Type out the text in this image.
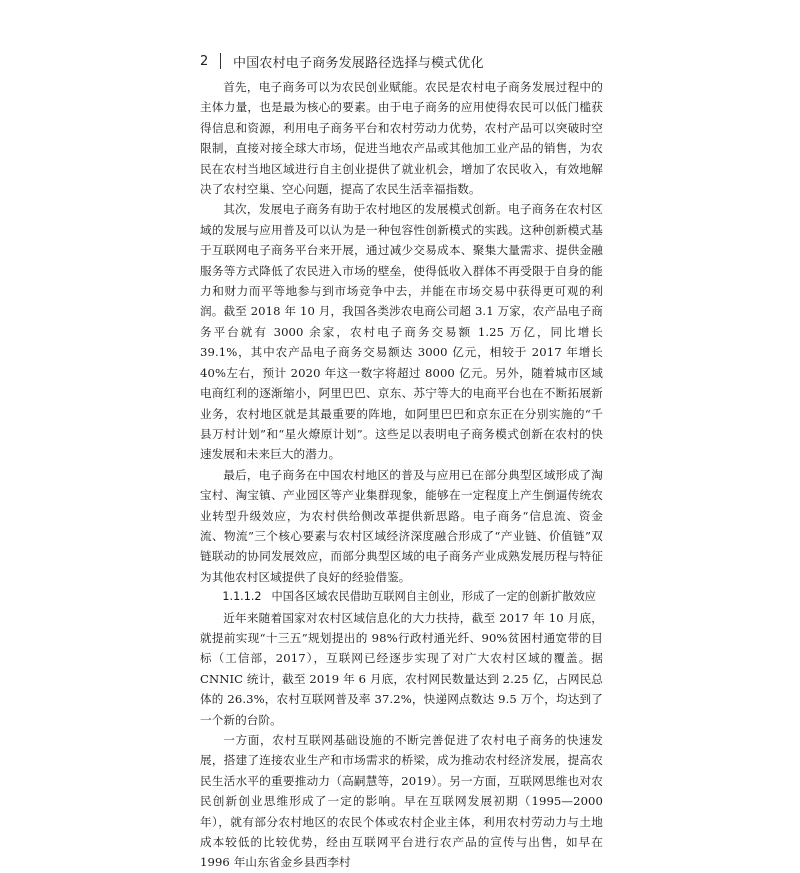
2	中国农村电子商务发展路径选择与模式优化

首先，电子商务可以为农民创业赋能。农民是农村电子商务发展过程中的主体力量，也是最为核心的要素。由于电子商务的应用使得农民可以低门槛获得信息和资源，利用电子商务平台和农村劳动力优势，农村产品可以突破时空限制，直接对接全球大市场，促进当地农产品或其他加工业产品的销售，为农民在农村当地区域进行自主创业提供了就业机会，增加了农民收入，有效地解决了农村空巢、空心问题，提高了农民生活幸福指数。

其次，发展电子商务有助于农村地区的发展模式创新。电子商务在农村区域的发展与应用普及可以认为是一种包容性创新模式的实践。这种创新模式基于互联网电子商务平台来开展，通过减少交易成本、聚集大量需求、提供金融服务等方式降低了农民进入市场的壁垒，使得低收入群体不再受限于自身的能力和财力而平等地参与到市场竞争中去，并能在市场交易中获得更可观的利润。截至 2018 年 10 月，我国各类涉农电商公司超 3.1 万家，农产品电子商务平台就有 3000 余家，农村电子商务交易额 1.25 万亿，同比增长 39.1%，其中农产品电子商务交易额达 3000 亿元，相较于 2017 年增长 40%左右，预计 2020 年这一数字将超过 8000 亿元。另外，随着城市区域电商红利的逐渐缩小，阿里巴巴、京东、苏宁等大的电商平台也在不断拓展新业务，农村地区就是其最重要的阵地，如阿里巴巴和京东正在分别实施的“千县万村计划”和“星火燎原计划”。这些足以表明电子商务模式创新在农村的快速发展和未来巨大的潜力。

最后，电子商务在中国农村地区的普及与应用已在部分典型区域形成了淘宝村、淘宝镇、产业园区等产业集群现象，能够在一定程度上产生倒逼传统农业转型升级效应，为农村供给侧改革提供新思路。电子商务“信息流、资金流、物流”三个核心要素与农村区域经济深度融合形成了“产业链、价值链”双链联动的协同发展效应，而部分典型区域的电子商务产业成熟发展历程与特征为其他农村区域提供了良好的经验借鉴。

1.1.1.2 中国各区域农民借助互联网自主创业，形成了一定的创新扩散效应

近年来随着国家对农村区域信息化的大力扶持，截至 2017 年 10 月底，就提前实现“十三五”规划提出的 98%行政村通光纤、90%贫困村通宽带的目标（工信部，2017），互联网已经逐步实现了对广大农村区域的覆盖。据 CNNIC 统计，截至 2019 年 6 月底，农村网民数量达到 2.25 亿，占网民总体的 26.3%，农村互联网普及率 37.2%，快递网点数达 9.5 万个，均达到了一个新的台阶。

一方面，农村互联网基础设施的不断完善促进了农村电子商务的快速发展，搭建了连接农业生产和市场需求的桥梁，成为推动农村经济发展，提高农民生活水平的重要推动力（高嗣慧等，2019）。另一方面，互联网思维也对农民创新创业思维形成了一定的影响。早在互联网发展初期（1995—2000 年），就有部分农村地区的农民个体或农村企业主体，利用农村劳动力与土地成本较低的比较优势，经由互联网平台进行农产品的宣传与出售，如早在 1996 年山东省金乡县西李村
